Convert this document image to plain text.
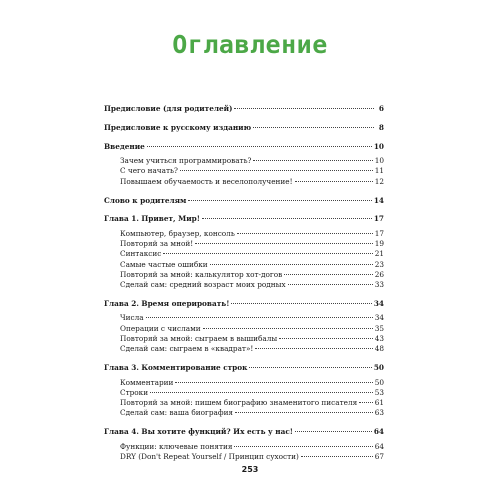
Оглавление
Предисловие (для родителей)	6
Предисловие к русскому изданию	8
Введение	10
Зачем учиться программировать?	10
С чего начать?	11
Повышаем обучаемость и веселополучение!	12
Слово к родителям	14
Глава 1. Привет, Мир!	17
Компьютер, браузер, консоль	17
Повторяй за мной!	19
Синтаксис	21
Самые частые ошибки	23
Повторяй за мной: калькулятор хот-догов	26
Сделай сам: средний возраст моих родных	33
Глава 2. Время оперировать!	34
Числа	34
Операции с числами	35
Повторяй за мной: сыграем в вышибалы	43
Сделай сам: сыграем в «квадрат»!	48
Глава 3. Комментирование строк	50
Комментарии	50
Строки	53
Повторяй за мной: пишем биографию знаменитого писателя 61
Сделай сам: ваша биография	63
Глава 4. Вы хотите функций? Их есть у нас!	64
Функции: ключевые понятия	64
DRY (Don't Repeat Yourself / Принцип сухости)	67
253
